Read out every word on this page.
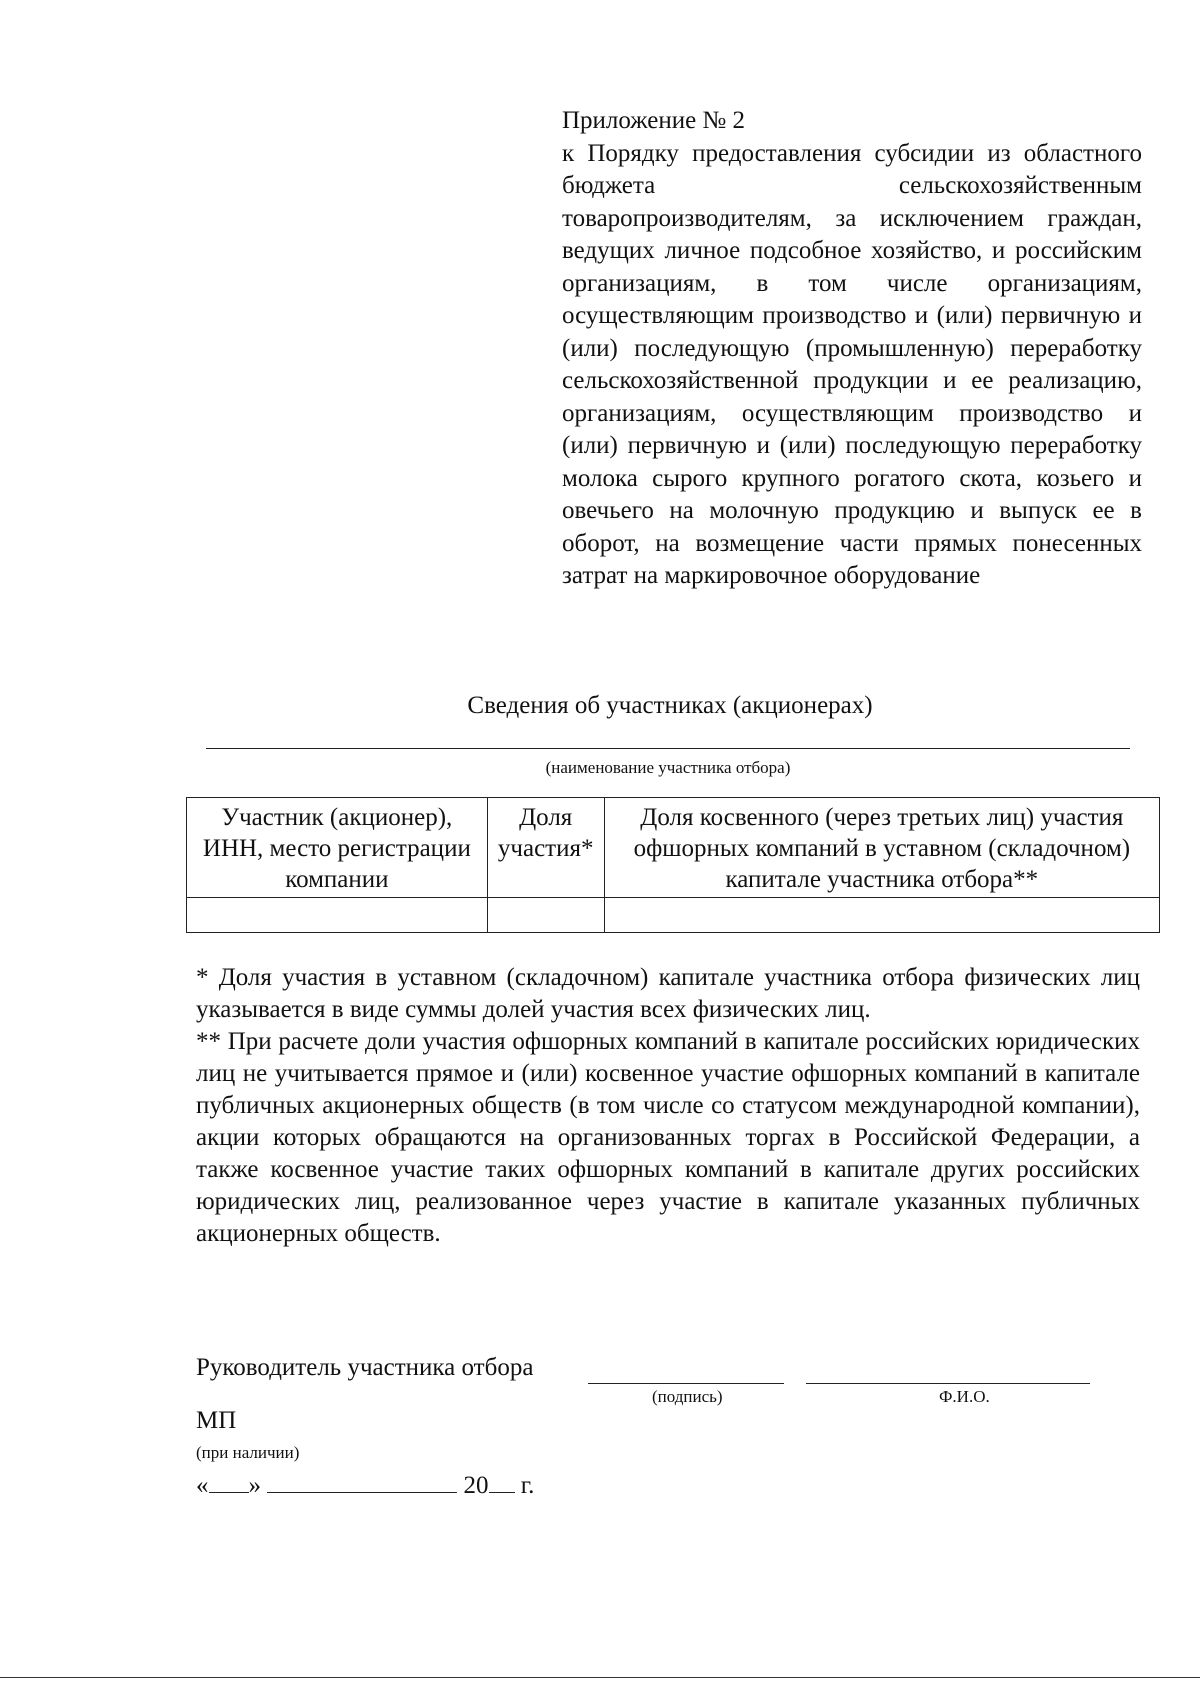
Приложение № 2
к Порядку предоставления субсидии из областного бюджета сельскохозяйственным товаропроизводителям, за исключением граждан, ведущих личное подсобное хозяйство, и российским организациям, в том числе организациям, осуществляющим производство и (или) первичную и (или) последующую (промышленную) переработку сельскохозяйственной продукции и ее реализацию, организациям, осуществляющим производство и (или) первичную и (или) последующую переработку молока сырого крупного рогатого скота, козьего и овечьего на молочную продукцию и выпуск ее в оборот, на возмещение части прямых понесенных затрат на маркировочное оборудование
Сведения об участниках (акционерах)
(наименование участника отбора)
Участник (акционер), ИНН, место регистрации компании	Доля участия*	Доля косвенного (через третьих лиц) участия офшорных компаний в уставном (складочном) капитале участника отбора**

* Доля участия в уставном (складочном) капитале участника отбора физических лиц указывается в виде суммы долей участия всех физических лиц.

** При расчете доли участия офшорных компаний в капитале российских юридических лиц не учитывается прямое и (или) косвенное участие офшорных компаний в капитале публичных акционерных обществ (в том числе со статусом международной компании), акции которых обращаются на организованных торгах в Российской Федерации, а также косвенное участие таких офшорных компаний в капитале других российских юридических лиц, реализованное через участие в капитале указанных публичных акционерных обществ.

Руководитель участника отбора
(подпись)	Ф.И.О.
МП
(при наличии)
« »	20 г.
